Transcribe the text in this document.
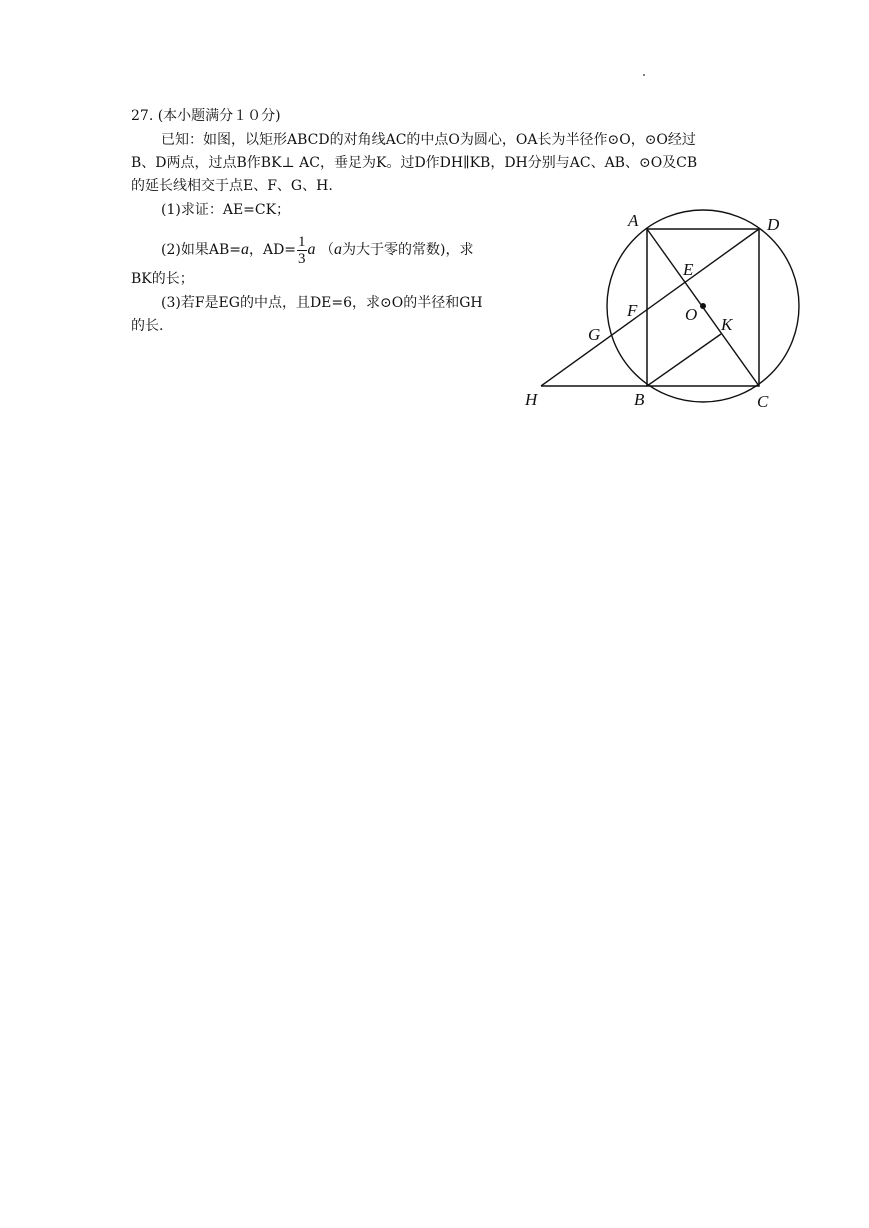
27. (本小题满分１０分)
已知：如图，以矩形ABCD的对角线AC的中点O为圆心，OA长为半径作⊙O，⊙O经过
B、D两点，过点B作BK⊥ AC，垂足为K。过D作DH∥KB，DH分别与AC、AB、⊙O及CB
的延长线相交于点E、F、G、H.
(1)求证：AE=CK；
(2)如果AB=a，$AD= \frac{1}{3}$ a （a为大于零的常数)，求
BK的长；
(3)若F是EG的中点，且DE=6，求⊙O的半径和GH
的长.
A	D
E
F	O
K
G
H	B	C
